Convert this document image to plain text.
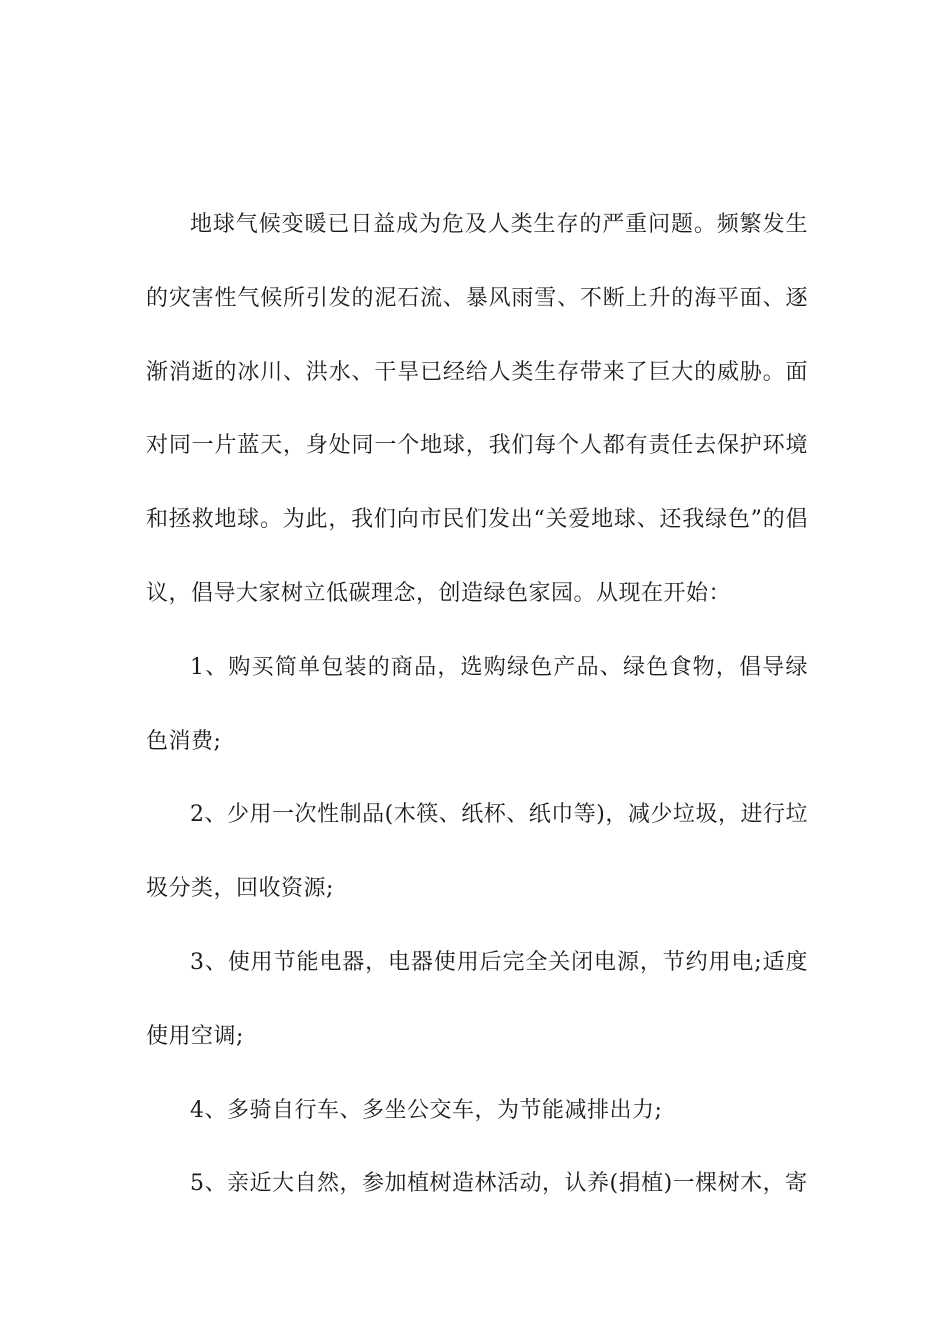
地球气候变暖已日益成为危及人类生存的严重问题。频繁发生的灾害性气候所引发的泥石流、暴风雨雪、不断上升的海平面、逐渐消逝的冰川、洪水、干旱已经给人类生存带来了巨大的威胁。面对同一片蓝天，身处同一个地球，我们每个人都有责任去保护环境和拯救地球。为此，我们向市民们发出“关爱地球、还我绿色”的倡议，倡导大家树立低碳理念，创造绿色家园。从现在开始：

1、购买简单包装的商品，选购绿色产品、绿色食物，倡导绿色消费;

2、少用一次性制品(木筷、纸杯、纸巾等)，减少垃圾，进行垃圾分类，回收资源;

3、使用节能电器，电器使用后完全关闭电源，节约用电;适度使用空调;

4、多骑自行车、多坐公交车，为节能减排出力;

5、亲近大自然，参加植树造林活动，认养(捐植)一棵树木，寄
